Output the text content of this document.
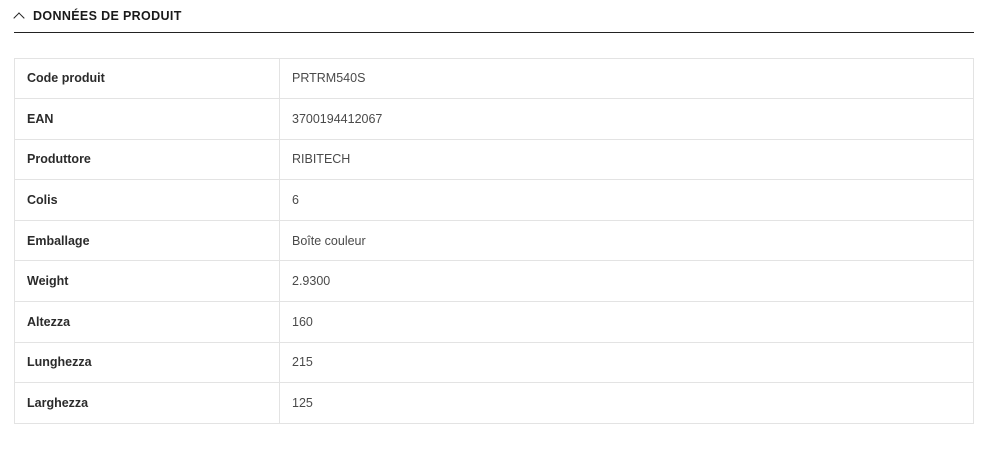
DONNÉES DE PRODUIT
Code produit	PRTRM540S
EAN	3700194412067
Produttore	RIBITECH
Colis	6
Emballage	Boîte couleur
Weight	2.9300
Altezza	160
Lunghezza	215
Larghezza	125
